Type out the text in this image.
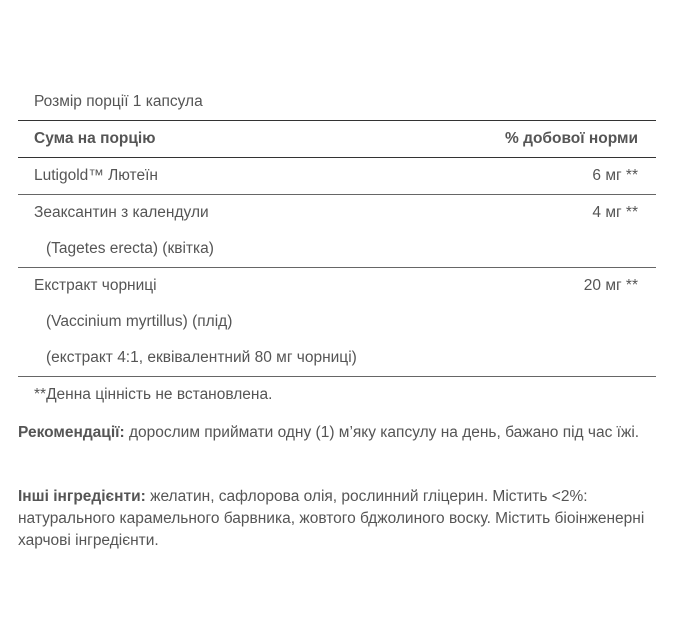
Розмір порції 1 капсула
Сума на порцію	% добової норми
Lutigold™ Лютеїн	6 мг **
Зеаксантин з календули	4 мг **
(Tagetes erecta) (квітка)
Екстракт чорниці	20 мг **
(Vaccinium myrtillus) (плід)
(екстракт 4:1, еквівалентний 80 мг чорниці)
**Денна цінність не встановлена.
Рекомендації: дорослим приймати одну (1) м’яку капсулу на день, бажано під час їжі.
Інші інгредієнти: желатин, сафлорова олія, рослинний гліцерин. Містить <2%: натурального карамельного барвника, жовтого бджолиного воску. Містить біоінженерні харчові інгредієнти.
